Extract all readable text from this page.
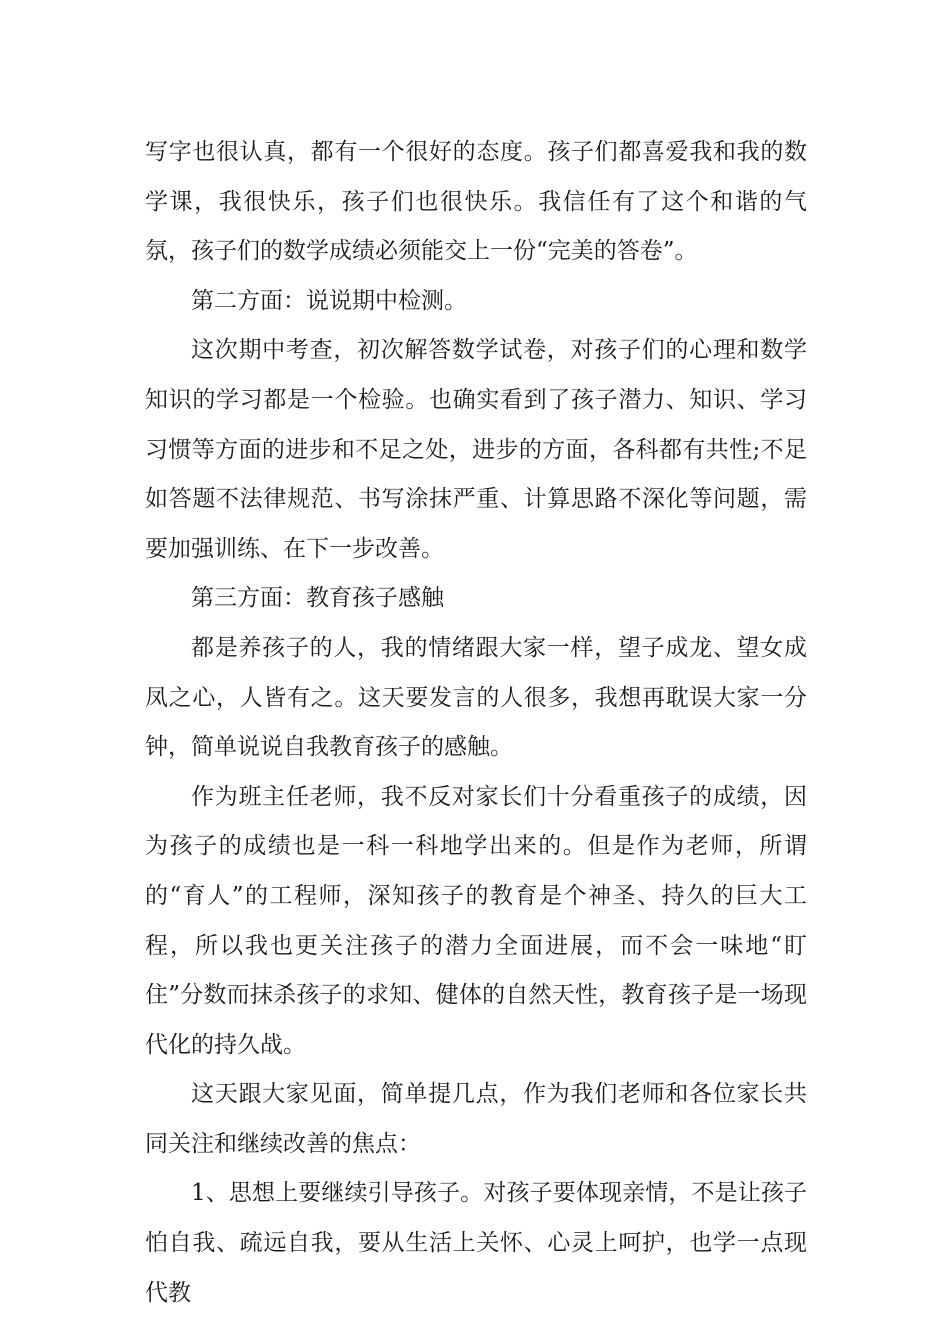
写字也很认真，都有一个很好的态度。孩子们都喜爱我和我的数学课，我很快乐，孩子们也很快乐。我信任有了这个和谐的气氛，孩子们的数学成绩必须能交上一份“完美的答卷”。

第二方面：说说期中检测。

这次期中考查，初次解答数学试卷，对孩子们的心理和数学知识的学习都是一个检验。也确实看到了孩子潜力、知识、学习习惯等方面的进步和不足之处，进步的方面，各科都有共性;不足如答题不法律规范、书写涂抹严重、计算思路不深化等问题，需要加强训练、在下一步改善。

第三方面：教育孩子感触

都是养孩子的人，我的情绪跟大家一样，望子成龙、望女成凤之心，人皆有之。这天要发言的人很多，我想再耽误大家一分钟，简单说说自我教育孩子的感触。

作为班主任老师，我不反对家长们十分看重孩子的成绩，因为孩子的成绩也是一科一科地学出来的。但是作为老师，所谓的“育人”的工程师，深知孩子的教育是个神圣、持久的巨大工程，所以我也更关注孩子的潜力全面进展，而不会一味地“盯住”分数而抹杀孩子的求知、健体的自然天性，教育孩子是一场现代化的持久战。

这天跟大家见面，简单提几点，作为我们老师和各位家长共同关注和继续改善的焦点：

1、思想上要继续引导孩子。对孩子要体现亲情，不是让孩子怕自我、疏远自我，要从生活上关怀、心灵上呵护，也学一点现代教
